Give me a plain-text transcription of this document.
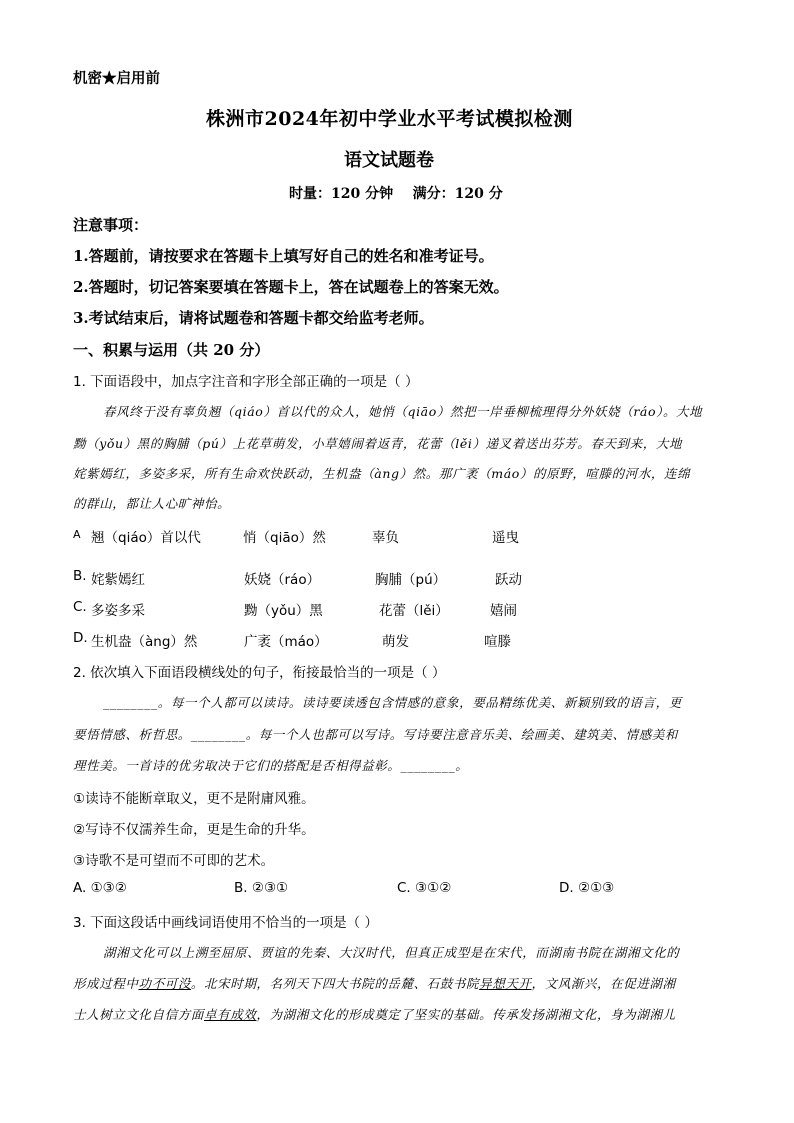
机密★启用前
株洲市2024年初中学业水平考试模拟检测
语文试题卷
时量：120 分钟    满分：120 分
注意事项：
1.答题前，请按要求在答题卡上填写好自己的姓名和准考证号。
2.答题时，切记答案要填在答题卡上，答在试题卷上的答案无效。
3.考试结束后，请将试题卷和答题卡都交给监考老师。
一、积累与运用（共 20 分）
1. 下面语段中，加点字注音和字形全部正确的一项是（ ）
春风终于没有辜负翘（qiáo）首以代的众人，她悄（qiāo）然把一岸垂柳梳理得分外妖娆（ráo）。大地
黝（yǒu）黑的胸脯（pú）上花草萌发，小草嬉闹着返青，花蕾（lěi）递叉着送出芬芳。春天到来，大地
姹紫嫣红，多姿多采，所有生命欢快跃动，生机盎（àng）然。那广袤（máo）的原野，喧滕的河水，连绵
的群山，都让人心旷神怡。
A 翘（qiáo）首以代	悄（qiāo）然	辜负	遥曳
B. 姹紫嫣红	妖娆（ráo）	胸脯（pú）	跃动
C. 多姿多采	黝（yǒu）黑	花蕾（lěi）	嬉闹
D. 生机盎（àng）然	广袤（máo）	萌发	喧滕
2. 依次填入下面语段横线处的句子，衔接最恰当的一项是（ ）
________。每一个人都可以读诗。读诗要读透包含情感的意象，要品精练优美、新颖别致的语言，更
要悟情感、析哲思。________。每一个人也都可以写诗。写诗要注意音乐美、绘画美、建筑美、情感美和
理性美。一首诗的优劣取决于它们的搭配是否相得益彰。________。
①读诗不能断章取义，更不是附庸风雅。
②写诗不仅濡养生命，更是生命的升华。
③诗歌不是可望而不可即的艺术。
A. ①③②	B. ②③①	C. ③①②	D. ②①③
3. 下面这段话中画线词语使用不恰当的一项是（ ）
湖湘文化可以上溯至屈原、贾谊的先秦、大汉时代，但真正成型是在宋代，而湖南书院在湖湘文化的
形成过程中功不可没。北宋时期，名列天下四大书院的岳麓、石鼓书院异想天开，文风渐兴，在促进湖湘
士人树立文化自信方面卓有成效，为湖湘文化的形成奠定了坚实的基础。传承发扬湖湘文化，身为湖湘儿
